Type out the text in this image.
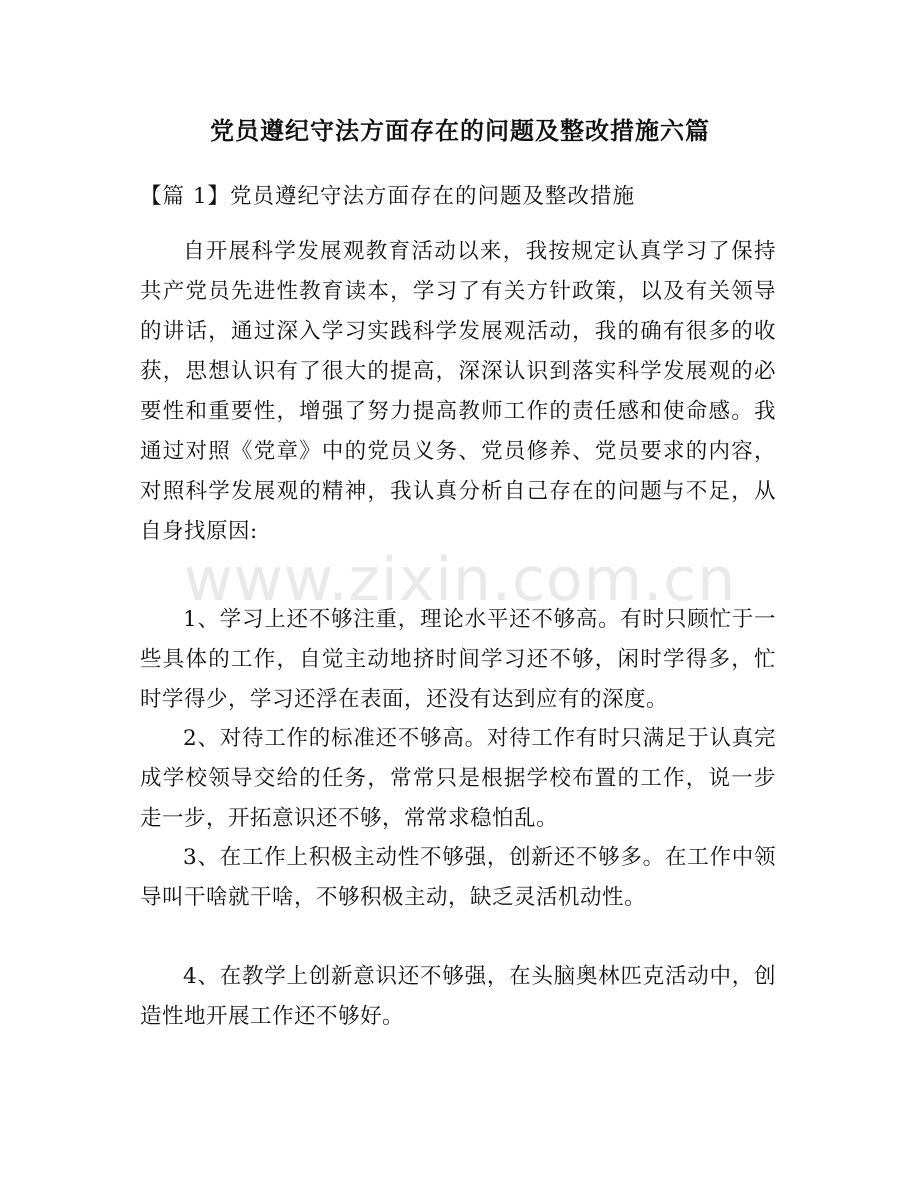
党员遵纪守法方面存在的问题及整改措施六篇

【篇 1】党员遵纪守法方面存在的问题及整改措施

自开展科学发展观教育活动以来，我按规定认真学习了保持共产党员先进性教育读本，学习了有关方针政策，以及有关领导的讲话，通过深入学习实践科学发展观活动，我的确有很多的收获，思想认识有了很大的提高，深深认识到落实科学发展观的必要性和重要性，增强了努力提高教师工作的责任感和使命感。我通过对照《党章》中的党员义务、党员修养、党员要求的内容，对照科学发展观的精神，我认真分析自己存在的问题与不足，从自身找原因:

1、学习上还不够注重，理论水平还不够高。有时只顾忙于一些具体的工作，自觉主动地挤时间学习还不够，闲时学得多，忙时学得少，学习还浮在表面，还没有达到应有的深度。

2、对待工作的标准还不够高。对待工作有时只满足于认真完成学校领导交给的任务，常常只是根据学校布置的工作，说一步走一步，开拓意识还不够，常常求稳怕乱。

3、在工作上积极主动性不够强，创新还不够多。在工作中领导叫干啥就干啥，不够积极主动，缺乏灵活机动性。

4、在教学上创新意识还不够强，在头脑奥林匹克活动中，创造性地开展工作还不够好。

www.zixin.com.cn
